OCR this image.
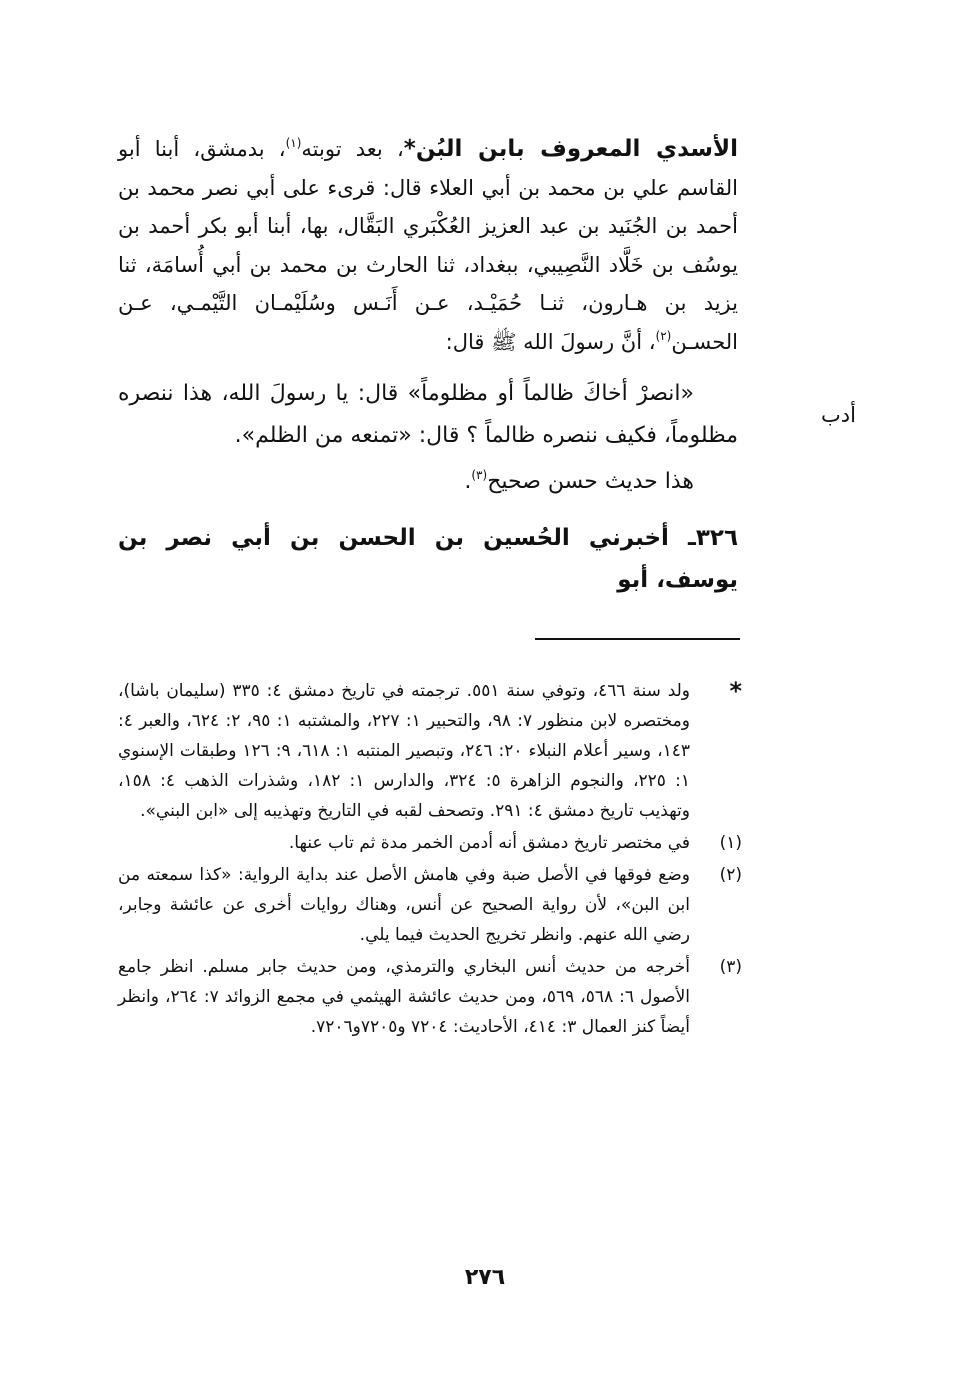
الأسدي المعروف بابن البُن*، بعد توبته$^{(١)}$، بدمشق، أبنا أبو القاسم علي بن محمد بن أبي العلاء قال: قرىء على أبي نصر محمد بن أحمد بن الجُنَيد بن عبد العزيز العُكْبَري البَقَّال، بها، أبنا أبو بكر أحمد بن يوسُف بن خَلَّاد النَّصِيبي، ببغداد، ثنا الحارث بن محمد بن أبي أُسامَة، ثنا يزيد بن هـارون، ثنـا حُمَيْـد، عـن أَنَـس وسُلَيْمـان التَّيْمـي، عـن الحسـن$^{(٢)}$، أنَّ رسولَ الله ﷺ قال:

«انصرْ أخاكَ ظالماً أو مظلوماً» قال: يا رسولَ الله، هذا ننصره مظلوماً، فكيف ننصره ظالماً ؟ قال: «تمنعه من الظلم».

هذا حديث حسن صحيح$^{(٣)}$.

٣٢٦ـ أخبرني الحُسين بن الحسن بن أبي نصر بن يوسف، أبو

أدب
*
ولد سنة ٤٦٦، وتوفي سنة ٥٥١. ترجمته في تاريخ دمشق ٤: ٣٣٥ (سليمان باشا)، ومختصره لابن منظور ٧: ٩٨، والتحبير ١: ٢٢٧، والمشتبه ١: ٩٥، ٢: ٦٢٤، والعبر ٤: ١٤٣، وسير أعلام النبلاء ٢٠: ٢٤٦، وتبصير المنتبه ١: ٦١٨، ٩: ١٢٦ وطبقات الإسنوي ١: ٢٢٥، والنجوم الزاهرة ٥: ٣٢٤، والدارس ١: ١٨٢، وشذرات الذهب ٤: ١٥٨، وتهذيب تاريخ دمشق ٤: ٢٩١. وتصحف لقبه في التاريخ وتهذيبه إلى «ابن البني».
(١)
في مختصر تاريخ دمشق أنه أدمن الخمر مدة ثم تاب عنها.
(٢)
وضع فوقها في الأصل ضبة وفي هامش الأصل عند بداية الرواية: «كذا سمعته من ابن البن»، لأن رواية الصحيح عن أنس، وهناك روايات أخرى عن عائشة وجابر، رضي الله عنهم. وانظر تخريج الحديث فيما يلي.
(٣)
أخرجه من حديث أنس البخاري والترمذي، ومن حديث جابر مسلم. انظر جامع الأصول ٦: ٥٦٨، ٥٦٩، ومن حديث عائشة الهيثمي في مجمع الزوائد ٧: ٢٦٤، وانظر أيضاً كنز العمال ٣: ٤١٤، الأحاديث: ٧٢٠٤ و٧٢٠٥و٧٢٠٦.
٢٧٦
